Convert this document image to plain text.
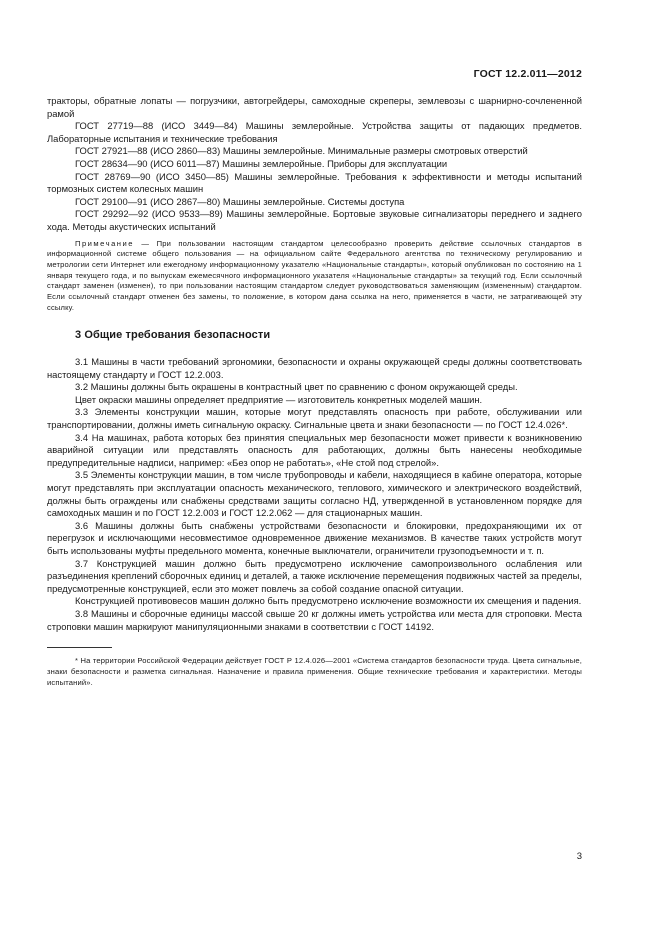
ГОСТ 12.2.011—2012

тракторы, обратные лопаты — погрузчики, автогрейдеры, самоходные скреперы, землевозы с шарнирно-сочлененной рамой

ГОСТ 27719—88 (ИСО 3449—84) Машины землеройные. Устройства защиты от падающих предметов. Лабораторные испытания и технические требования

ГОСТ 27921—88 (ИСО 2860—83) Машины землеройные. Минимальные размеры смотровых отверстий

ГОСТ 28634—90 (ИСО 6011—87) Машины землеройные. Приборы для эксплуатации

ГОСТ 28769—90 (ИСО 3450—85) Машины землеройные. Требования к эффективности и методы испытаний тормозных систем колесных машин

ГОСТ 29100—91 (ИСО 2867—80) Машины землеройные. Системы доступа

ГОСТ 29292—92 (ИСО 9533—89) Машины землеройные. Бортовые звуковые сигнализаторы переднего и заднего хода. Методы акустических испытаний

Примечание — При пользовании настоящим стандартом целесообразно проверить действие ссылочных стандартов в информационной системе общего пользования — на официальном сайте Федерального агентства по техническому регулированию и метрологии сети Интернет или ежегодному информационному указателю «Национальные стандарты», который опубликован по состоянию на 1 января текущего года, и по выпускам ежемесячного информационного указателя «Национальные стандарты» за текущий год. Если ссылочный стандарт заменен (изменен), то при пользовании настоящим стандартом следует руководствоваться заменяющим (измененным) стандартом. Если ссылочный стандарт отменен без замены, то положение, в котором дана ссылка на него, применяется в части, не затрагивающей эту ссылку.

3 Общие требования безопасности

3.1 Машины в части требований эргономики, безопасности и охраны окружающей среды должны соответствовать настоящему стандарту и ГОСТ 12.2.003.

3.2 Машины должны быть окрашены в контрастный цвет по сравнению с фоном окружающей среды.

Цвет окраски машины определяет предприятие — изготовитель конкретных моделей машин.

3.3 Элементы конструкции машин, которые могут представлять опасность при работе, обслуживании или транспортировании, должны иметь сигнальную окраску. Сигнальные цвета и знаки безопасности — по ГОСТ 12.4.026*.

3.4 На машинах, работа которых без принятия специальных мер безопасности может привести к возникновению аварийной ситуации или представлять опасность для работающих, должны быть нанесены необходимые предупредительные надписи, например: «Без опор не работать», «Не стой под стрелой».

3.5 Элементы конструкции машин, в том числе трубопроводы и кабели, находящиеся в кабине оператора, которые могут представлять при эксплуатации опасность механического, теплового, химического и электрического воздействий, должны быть ограждены или снабжены средствами защиты согласно НД, утвержденной в установленном порядке для самоходных машин и по ГОСТ 12.2.003 и ГОСТ 12.2.062 — для стационарных машин.

3.6 Машины должны быть снабжены устройствами безопасности и блокировки, предохраняющими их от перегрузок и исключающими несовместимое одновременное движение механизмов. В качестве таких устройств могут быть использованы муфты предельного момента, конечные выключатели, ограничители грузоподъемности и т. п.

3.7 Конструкцией машин должно быть предусмотрено исключение самопроизвольного ослабления или разъединения креплений сборочных единиц и деталей, а также исключение перемещения подвижных частей за пределы, предусмотренные конструкцией, если это может повлечь за собой создание опасной ситуации.

Конструкцией противовесов машин должно быть предусмотрено исключение возможности их смещения и падения.

3.8 Машины и сборочные единицы массой свыше 20 кг должны иметь устройства или места для строповки. Места строповки машин маркируют манипуляционными знаками в соответствии с ГОСТ 14192.

* На территории Российской Федерации действует ГОСТ Р 12.4.026—2001 «Система стандартов безопасности труда. Цвета сигнальные, знаки безопасности и разметка сигнальная. Назначение и правила применения. Общие технические требования и характеристики. Методы испытаний».

3
